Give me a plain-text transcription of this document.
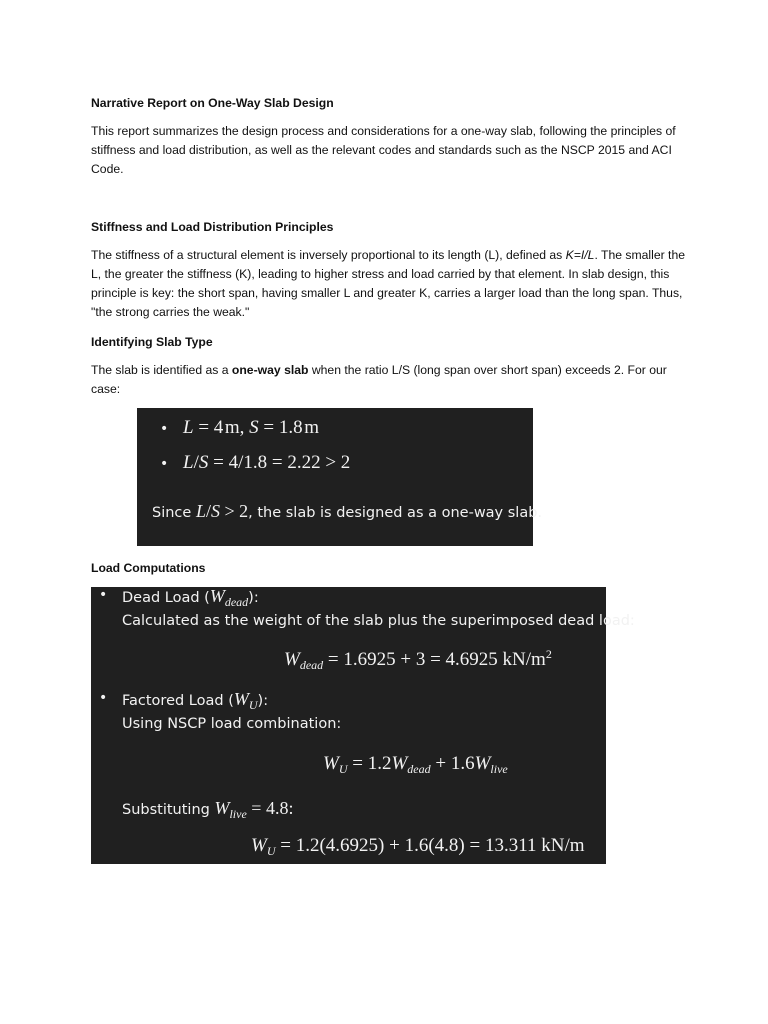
Narrative Report on One-Way Slab Design

This report summarizes the design process and considerations for a one-way slab, following the principles of stiffness and load distribution, as well as the relevant codes and standards such as the NSCP 2015 and ACI Code.

Stiffness and Load Distribution Principles

The stiffness of a structural element is inversely proportional to its length (L), defined as K=I/L. The smaller the L, the greater the stiffness (K), leading to higher stress and load carried by that element. In slab design, this principle is key: the short span, having smaller L and greater K, carries a larger load than the long span. Thus, "the strong carries the weak."

Identifying Slab Type

The slab is identified as a one-way slab when the ratio L/S (long span over short span) exceeds 2. For our case:

• L = 4 m, S = 1.8 m
• L/S = 4/1.8 = 2.22 > 2
Since L/S > 2, the slab is designed as a one-way slab.
Load Computations
• Dead Load $(W_{dead})$:
Calculated as the weight of the slab plus the superimposed dead load:
$W_{dead} = 1.6925 + 3 = 4.6925$ $kN/m^2$
• Factored Load $(W_U)$:
Using NSCP load combination:
$W_U = 1.2W_{dead} + 1.6W_{live}$
Substituting $W_{live} = 4.8$:
$W_U = 1.2(4.6925) + 1.6(4.8) = 13.311$ kN/m
